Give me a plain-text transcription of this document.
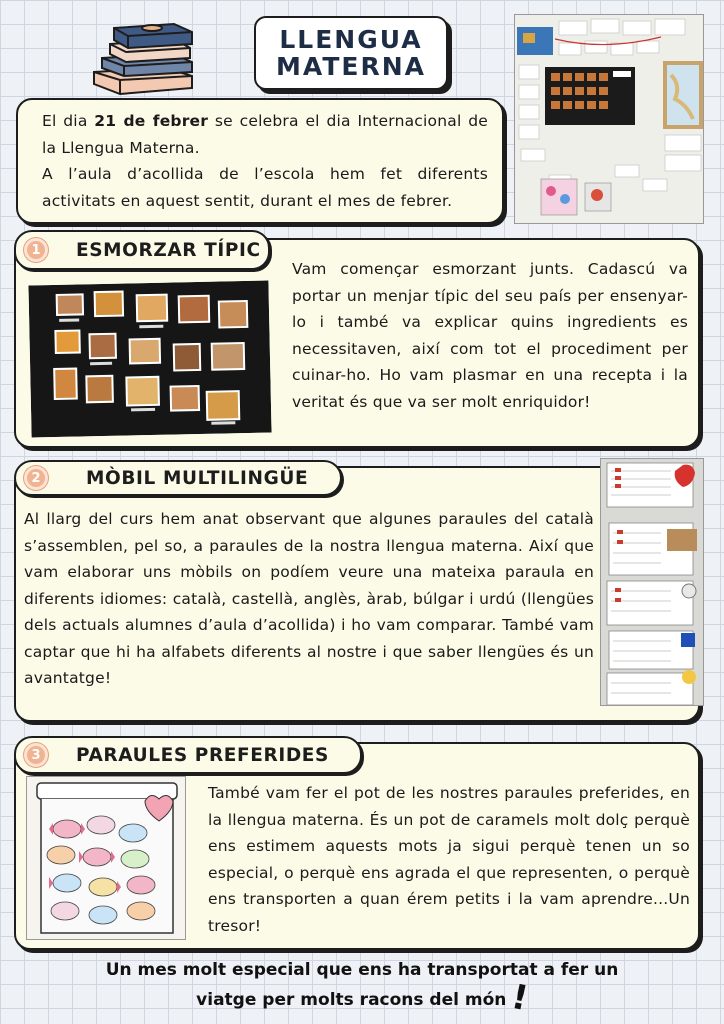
LLENGUA
MATERNA

El dia 21 de febrer se celebra el dia Internacional de la Llengua Materna.

A l’aula d’acollida de l’escola hem fet diferents activitats en aquest sentit, durant el mes de febrer.

1	ESMORZAR TÍPIC
Vam començar esmorzant junts. Cadascú va portar un menjar típic del seu país per ensenyar-lo i també va explicar quins ingredients es necessitaven, així com tot el procediment per cuinar-ho. Ho vam plasmar en una recepta i la veritat és que va ser molt enriquidor!
2	MÒBIL MULTILINGÜE
Al llarg del curs hem anat observant que algunes paraules del català s’assemblen, pel so, a paraules de la nostra llengua materna. Així que vam elaborar uns mòbils on podíem veure una mateixa paraula en diferents idiomes: català, castellà, anglès, àrab, búlgar i urdú (llengües dels actuals alumnes d’aula d’acollida) i ho vam comparar. També vam captar que hi ha alfabets diferents al nostre i que saber llengües és un avantatge!
3	PARAULES PREFERIDES
També vam fer el pot de les nostres paraules preferides, en la llengua materna. És un pot de caramels molt dolç perquè ens estimem aquests mots ja sigui perquè tenen un so especial, o perquè ens agrada el que representen, o perquè ens transporten a quan érem petits i la vam aprendre...Un tresor!
Un mes molt especial que ens ha transportat a fer un
viatge per molts racons del món !
